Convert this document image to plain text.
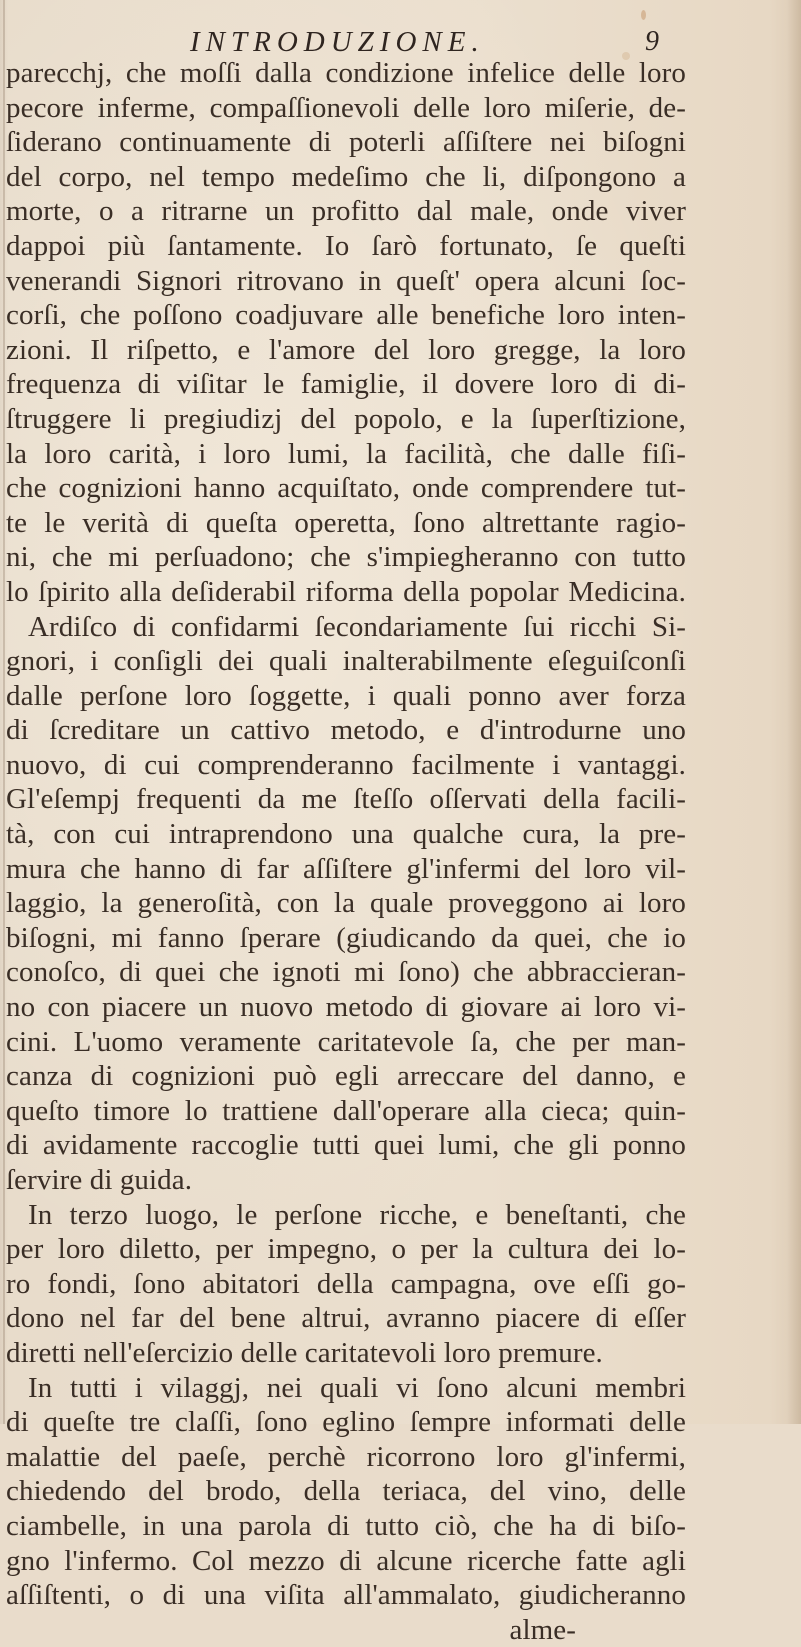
INTRODUZIONE.	9
parecchj, che moſſi dalla condizione infelice delle loro
pecore inferme, compaſſionevoli delle loro miſerie, de-
ſiderano continuamente di poterli aſſiſtere nei biſogni
del corpo, nel tempo medeſimo che li, diſpongono a
morte, o a ritrarne un profitto dal male, onde viver
dappoi più ſantamente. Io ſarò fortunato, ſe queſti
venerandi Signori ritrovano in queſt' opera alcuni ſoc-
corſi, che poſſono coadjuvare alle benefiche loro inten-
zioni. Il riſpetto, e l'amore del loro gregge, la loro
frequenza di viſitar le famiglie, il dovere loro di di-
ſtruggere li pregiudizj del popolo, e la ſuperſtizione,
la loro carità, i loro lumi, la facilità, che dalle fiſi-
che cognizioni hanno acquiſtato, onde comprendere tut-
te le verità di queſta operetta, ſono altrettante ragio-
ni, che mi perſuadono; che s'impiegheranno con tutto
lo ſpirito alla deſiderabil riforma della popolar Medicina.
Ardiſco di confidarmi ſecondariamente ſui ricchi Si-
gnori, i conſigli dei quali inalterabilmente eſeguiſconſi
dalle perſone loro ſoggette, i quali ponno aver forza
di ſcreditare un cattivo metodo, e d'introdurne uno
nuovo, di cui comprenderanno facilmente i vantaggi.
Gl'eſempj frequenti da me ſteſſo oſſervati della facili-
tà, con cui intraprendono una qualche cura, la pre-
mura che hanno di far aſſiſtere gl'infermi del loro vil-
laggio, la generoſità, con la quale proveggono ai loro
biſogni, mi fanno ſperare (giudicando da quei, che io
conoſco, di quei che ignoti mi ſono) che abbraccieran-
no con piacere un nuovo metodo di giovare ai loro vi-
cini. L'uomo veramente caritatevole ſa, che per man-
canza di cognizioni può egli arreccare del danno, e
queſto timore lo trattiene dall'operare alla cieca; quin-
di avidamente raccoglie tutti quei lumi, che gli ponno
ſervire di guida.
In terzo luogo, le perſone ricche, e beneſtanti, che
per loro diletto, per impegno, o per la cultura dei lo-
ro fondi, ſono abitatori della campagna, ove eſſi go-
dono nel far del bene altrui, avranno piacere di eſſer
diretti nell'eſercizio delle caritatevoli loro premure.
In tutti i vilaggj, nei quali vi ſono alcuni membri
di queſte tre claſſi, ſono eglino ſempre informati delle
malattie del paeſe, perchè ricorrono loro gl'infermi,
chiedendo del brodo, della teriaca, del vino, delle
ciambelle, in una parola di tutto ciò, che ha di biſo-
gno l'infermo. Col mezzo di alcune ricerche fatte agli
aſſiſtenti, o di una viſita all'ammalato, giudicheranno
alme-
